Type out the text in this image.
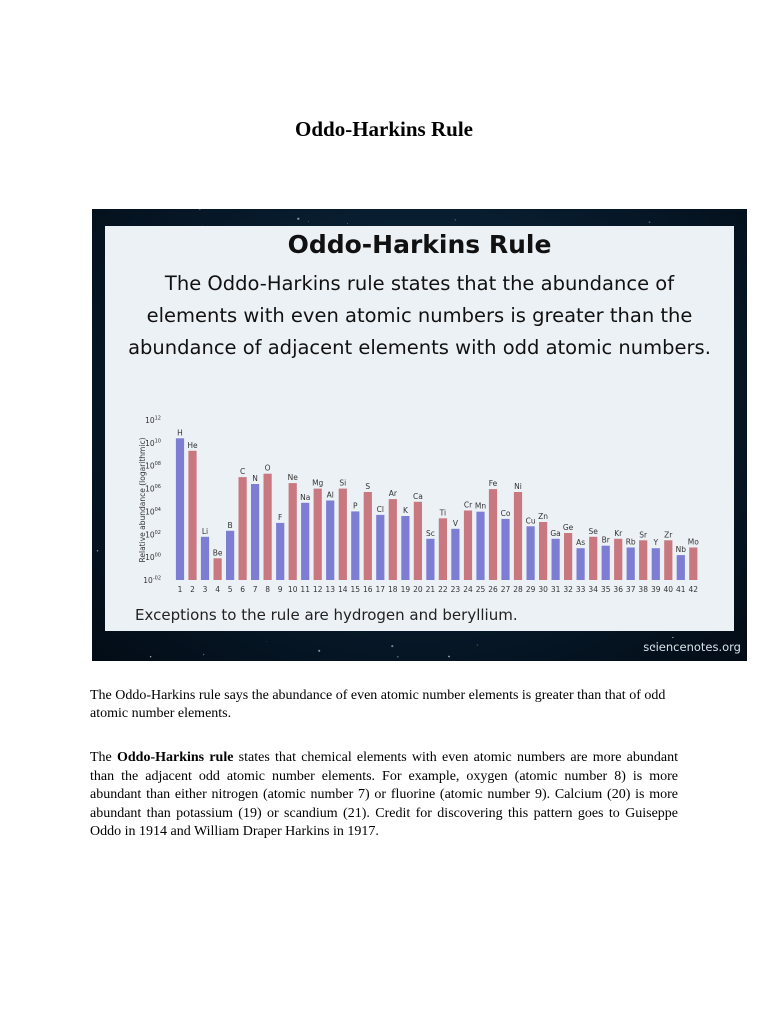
Oddo-Harkins Rule
Oddo-Harkins Rule
The Oddo-Harkins rule states that the abundance of elements with even atomic numbers is greater than the abundance of adjacent elements with odd atomic numbers.
Relative abundance (logarithmic)
$10^{12}$
$10^{10}$
$10^{08}$
$10^{06}$
$10^{04}$
$10^{02}$
$10^{00}$
$10^{-02}$
H
1
He
2
Li
3
Be
4
B
5
C
6
N
7
O
8
F
9
Ne
10
Na
11
Mg
12
Al
13
Si
14
P
15
S
16
Cl
17
Ar
18
K
19
Ca
20
Sc
21
Ti
22
V
23
Cr
24
Mn
25
Fe
26
Co
27
Ni
28
Cu
29
Zn
30
Ga
31
Ge
32
As
33
Se
34
Br
35
Kr
36
Rb
37
Sr
38
Y
39
Zr
40
Nb
41
Mo
42
Exceptions to the rule are hydrogen and beryllium.
sciencenotes.org

The Oddo-Harkins rule says the abundance of even atomic number elements is greater than that of odd atomic number elements.

The Oddo-Harkins rule states that chemical elements with even atomic numbers are more abundant than the adjacent odd atomic number elements. For example, oxygen (atomic number 8) is more abundant than either nitrogen (atomic number 7) or fluorine (atomic number 9). Calcium (20) is more abundant than potassium (19) or scandium (21). Credit for discovering this pattern goes to Guiseppe Oddo in 1914 and William Draper Harkins in 1917.
